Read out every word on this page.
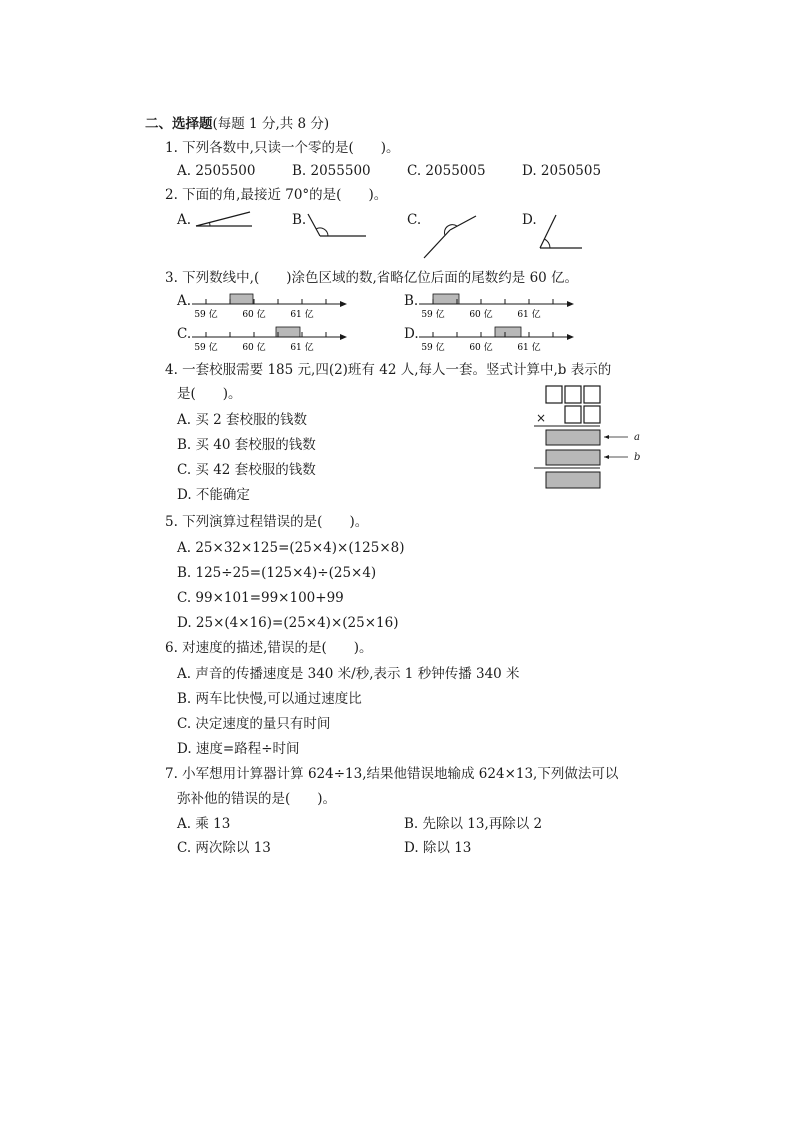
二、选择题(每题 1 分,共 8 分)
1. 下列各数中,只读一个零的是(　　)。
A. 2505500	B. 2055500	C. 2055005	D. 2050505
2. 下面的角,最接近 70°的是(　　)。
A.	B.	C.	D.
3. 下列数线中,(　　)涂色区域的数,省略亿位后面的尾数约是 60 亿。
A.	B.
C.	D.
59 亿	60 亿	61 亿	59 亿	60 亿	61 亿
59 亿	60 亿	61 亿	59 亿	60 亿	61 亿
4. 一套校服需要 185 元,四(2)班有 42 人,每人一套。竖式计算中,b 表示的
是(　　)。
A. 买 2 套校服的钱数
B. 买 40 套校服的钱数
C. 买 42 套校服的钱数
D. 不能确定
×
a
b
5. 下列演算过程错误的是(　　)。
A. 25×32×125=(25×4)×(125×8)
B. 125÷25=(125×4)÷(25×4)
C. 99×101=99×100+99
D. 25×(4×16)=(25×4)×(25×16)
6. 对速度的描述,错误的是(　　)。
A. 声音的传播速度是 340 米/秒,表示 1 秒钟传播 340 米
B. 两车比快慢,可以通过速度比
C. 决定速度的量只有时间
D. 速度=路程÷时间
7. 小军想用计算器计算 624÷13,结果他错误地输成 624×13,下列做法可以
弥补他的错误的是(　　)。
A. 乘 13	B. 先除以 13,再除以 2
C. 两次除以 13	D. 除以 13
